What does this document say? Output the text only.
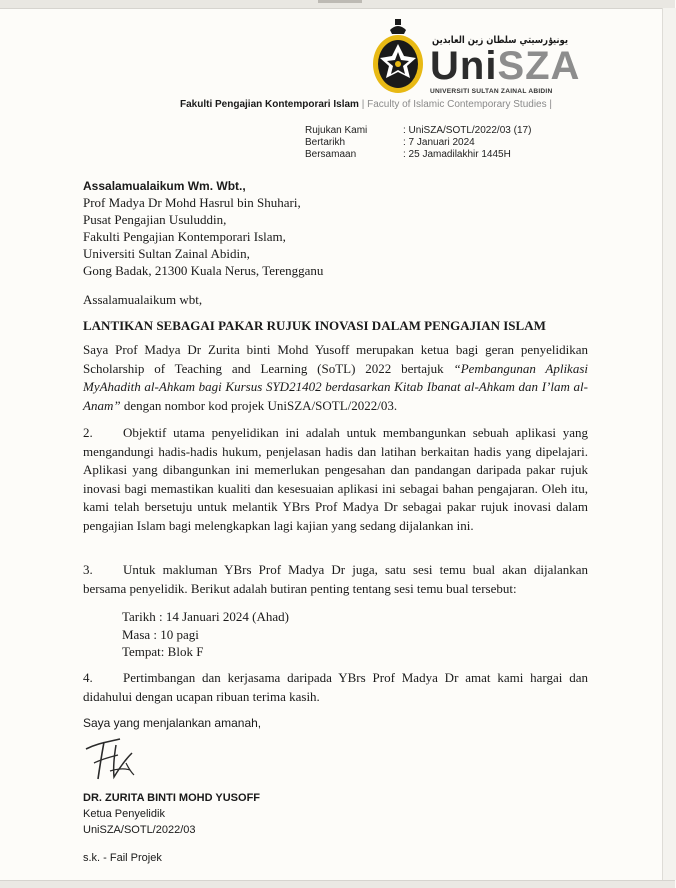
يونيۏرسيتي سلطان زين العابدين
UniSZA
UNIVERSITI SULTAN ZAINAL ABIDIN
Fakulti Pengajian Kontemporari Islam | Faculty of Islamic Contemporary Studies |
Rujukan Kami	: UniSZA/SOTL/2022/03 (17)
Bertarikh	: 7 Januari 2024
Bersamaan	: 25 Jamadilakhir 1445H
Assalamualaikum Wm. Wbt.,
Prof Madya Dr Mohd Hasrul bin Shuhari,
Pusat Pengajian Usuluddin,
Fakulti Pengajian Kontemporari Islam,
Universiti Sultan Zainal Abidin,
Gong Badak, 21300 Kuala Nerus, Terengganu
Assalamualaikum wbt,
LANTIKAN SEBAGAI PAKAR RUJUK INOVASI DALAM PENGAJIAN ISLAM

Saya Prof Madya Dr Zurita binti Mohd Yusoff merupakan ketua bagi geran penyelidikan Scholarship of Teaching and Learning (SoTL) 2022 bertajuk “Pembangunan Aplikasi MyAhadith al-Ahkam bagi Kursus SYD21402 berdasarkan Kitab Ibanat al-Ahkam dan I’lam al-Anam” dengan nombor kod projek UniSZA/SOTL/2022/03.

2. Objektif utama penyelidikan ini adalah untuk membangunkan sebuah aplikasi yang mengandungi hadis-hadis hukum, penjelasan hadis dan latihan berkaitan hadis yang dipelajari. Aplikasi yang dibangunkan ini memerlukan pengesahan dan pandangan daripada pakar rujuk inovasi bagi memastikan kualiti dan kesesuaian aplikasi ini sebagai bahan pengajaran. Oleh itu, kami telah bersetuju untuk melantik YBrs Prof Madya Dr sebagai pakar rujuk inovasi dalam pengajian Islam bagi melengkapkan lagi kajian yang sedang dijalankan ini.

3. Untuk makluman YBrs Prof Madya Dr juga, satu sesi temu bual akan dijalankan bersama penyelidik. Berikut adalah butiran penting tentang sesi temu bual tersebut:

Tarikh : 14 Januari 2024 (Ahad)
Masa : 10 pagi
Tempat: Blok F

4. Pertimbangan dan kerjasama daripada YBrs Prof Madya Dr amat kami hargai dan didahului dengan ucapan ribuan terima kasih.

Saya yang menjalankan amanah,
DR. ZURITA BINTI MOHD YUSOFF
Ketua Penyelidik
UniSZA/SOTL/2022/03
s.k. - Fail Projek
